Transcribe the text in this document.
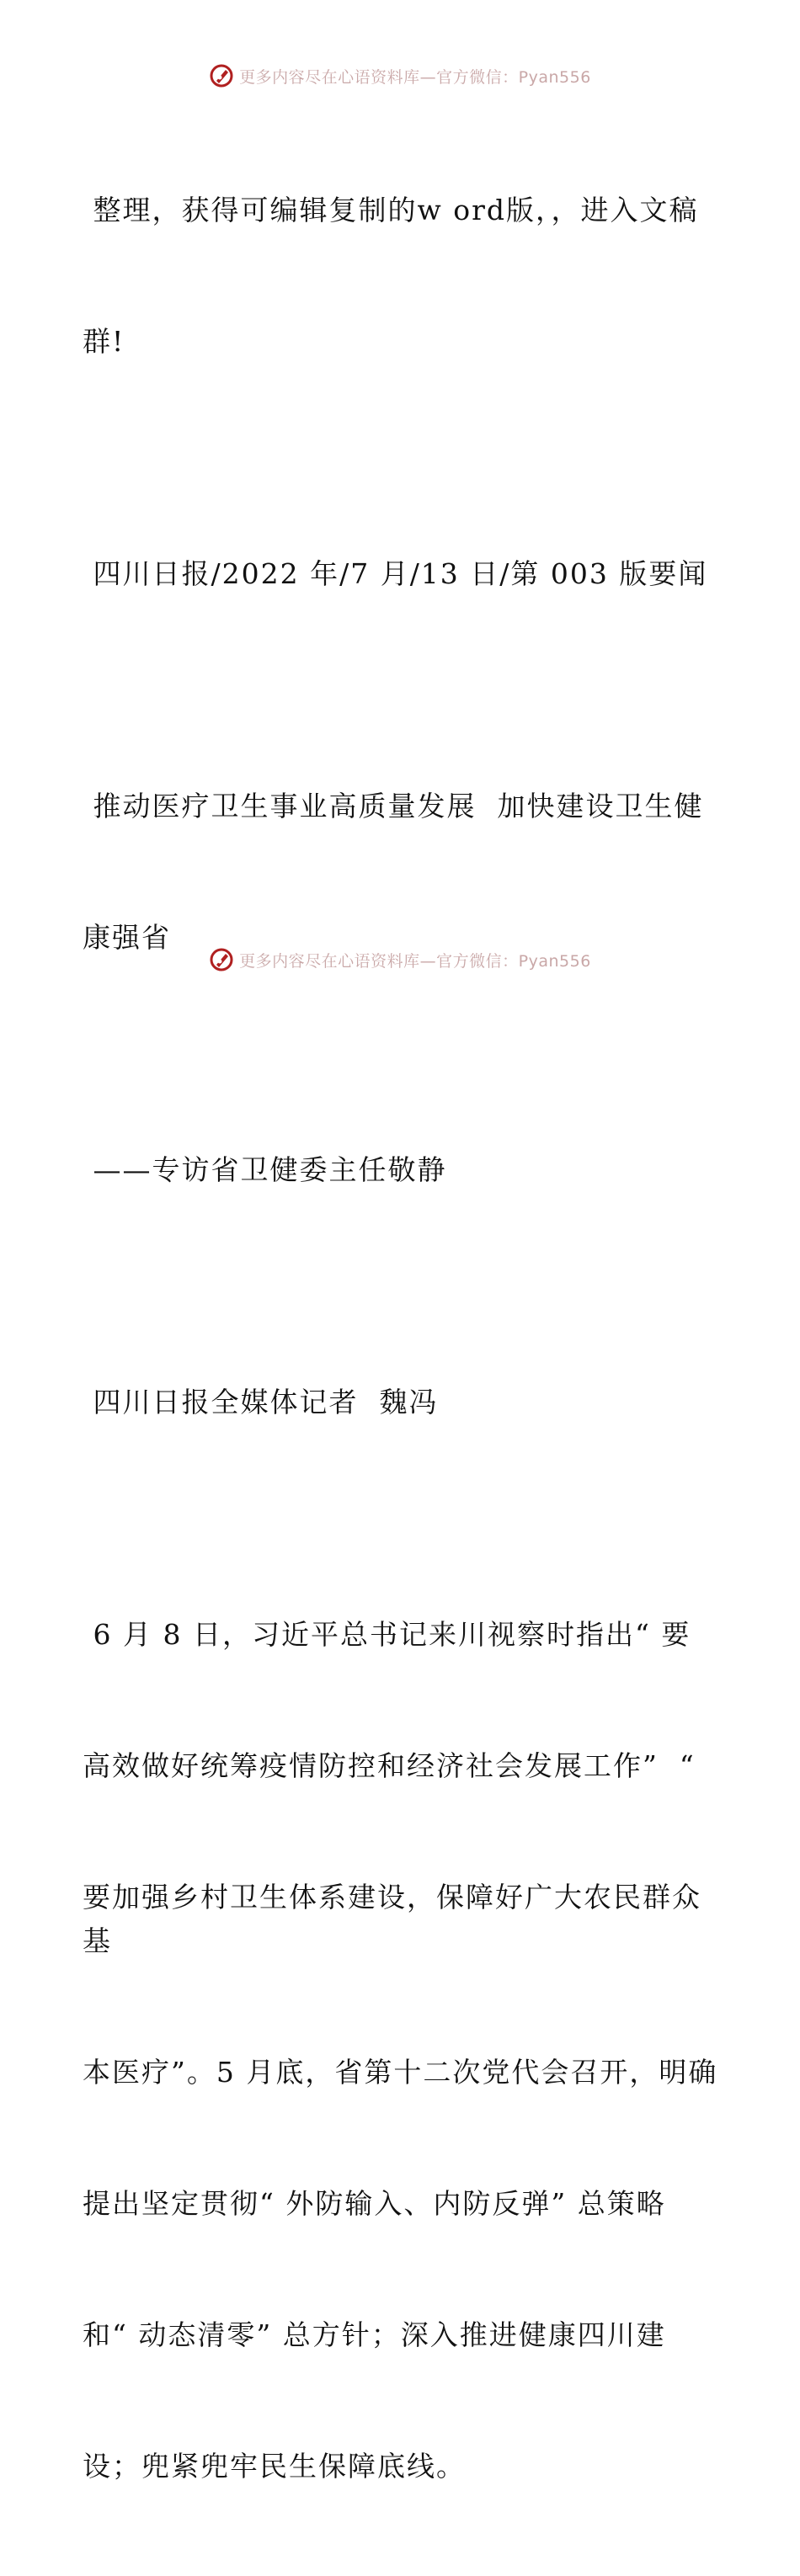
更多内容尽在心语资料库—官方微信：Pyan556

整理，获得可编辑复制的w ord版，，进入文稿

群!

四川日报/2022 年/7 月/13 日/第 003 版要闻

推动医疗卫生事业高质量发展  加快建设卫生健

康强省

——专访省卫健委主任敬静

四川日报全媒体记者  魏冯

6 月 8 日，习近平总书记来川视察时指出“ 要

高效做好统筹疫情防控和经济社会发展工作”  “

要加强乡村卫生体系建设，保障好广大农民群众基

本医疗”。5 月底，省第十二次党代会召开，明确

提出坚定贯彻“ 外防输入、内防反弹” 总策略

和“ 动态清零” 总方针；深入推进健康四川建

设；兜紧兜牢民生保障底线。

更多内容尽在心语资料库—官方微信：Pyan556
